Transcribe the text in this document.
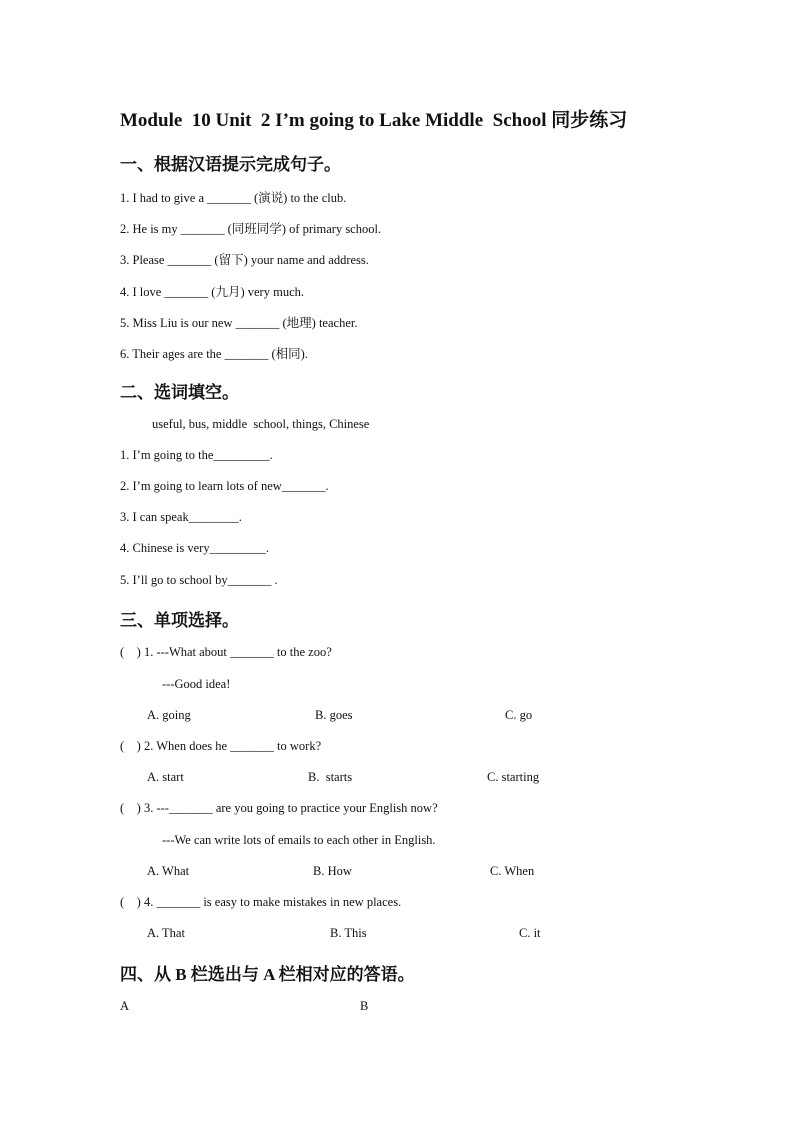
Module  10 Unit  2 I’m going to Lake Middle  School 同步练习
一、根据汉语提示完成句子。
1. I had to give a _______ (演说) to the club.
2. He is my _______ (同班同学) of primary school.
3. Please _______ (留下) your name and address.
4. I love _______ (九月) very much.
5. Miss Liu is our new _______ (地理) teacher.
6. Their ages are the _______ (相同).
二、选词填空。
useful, bus, middle  school, things, Chinese
1. I’m going to the_________.
2. I’m going to learn lots of new_______.
3. I can speak________.
4. Chinese is very_________.
5. I’ll go to school by_______ .
三、单项选择。
(    ) 1. ---What about _______ to the zoo?
---Good idea!
A. going	B. goes	C. go
(    ) 2. When does he _______ to work?
A. start	B.  starts	C. starting
(    ) 3. ---_______ are you going to practice your English now?
---We can write lots of emails to each other in English.
A. What	B. How	C. When
(    ) 4. _______ is easy to make mistakes in new places.
A. That	B. This	C. it
四、从 B 栏选出与 A 栏相对应的答语。
A	B
